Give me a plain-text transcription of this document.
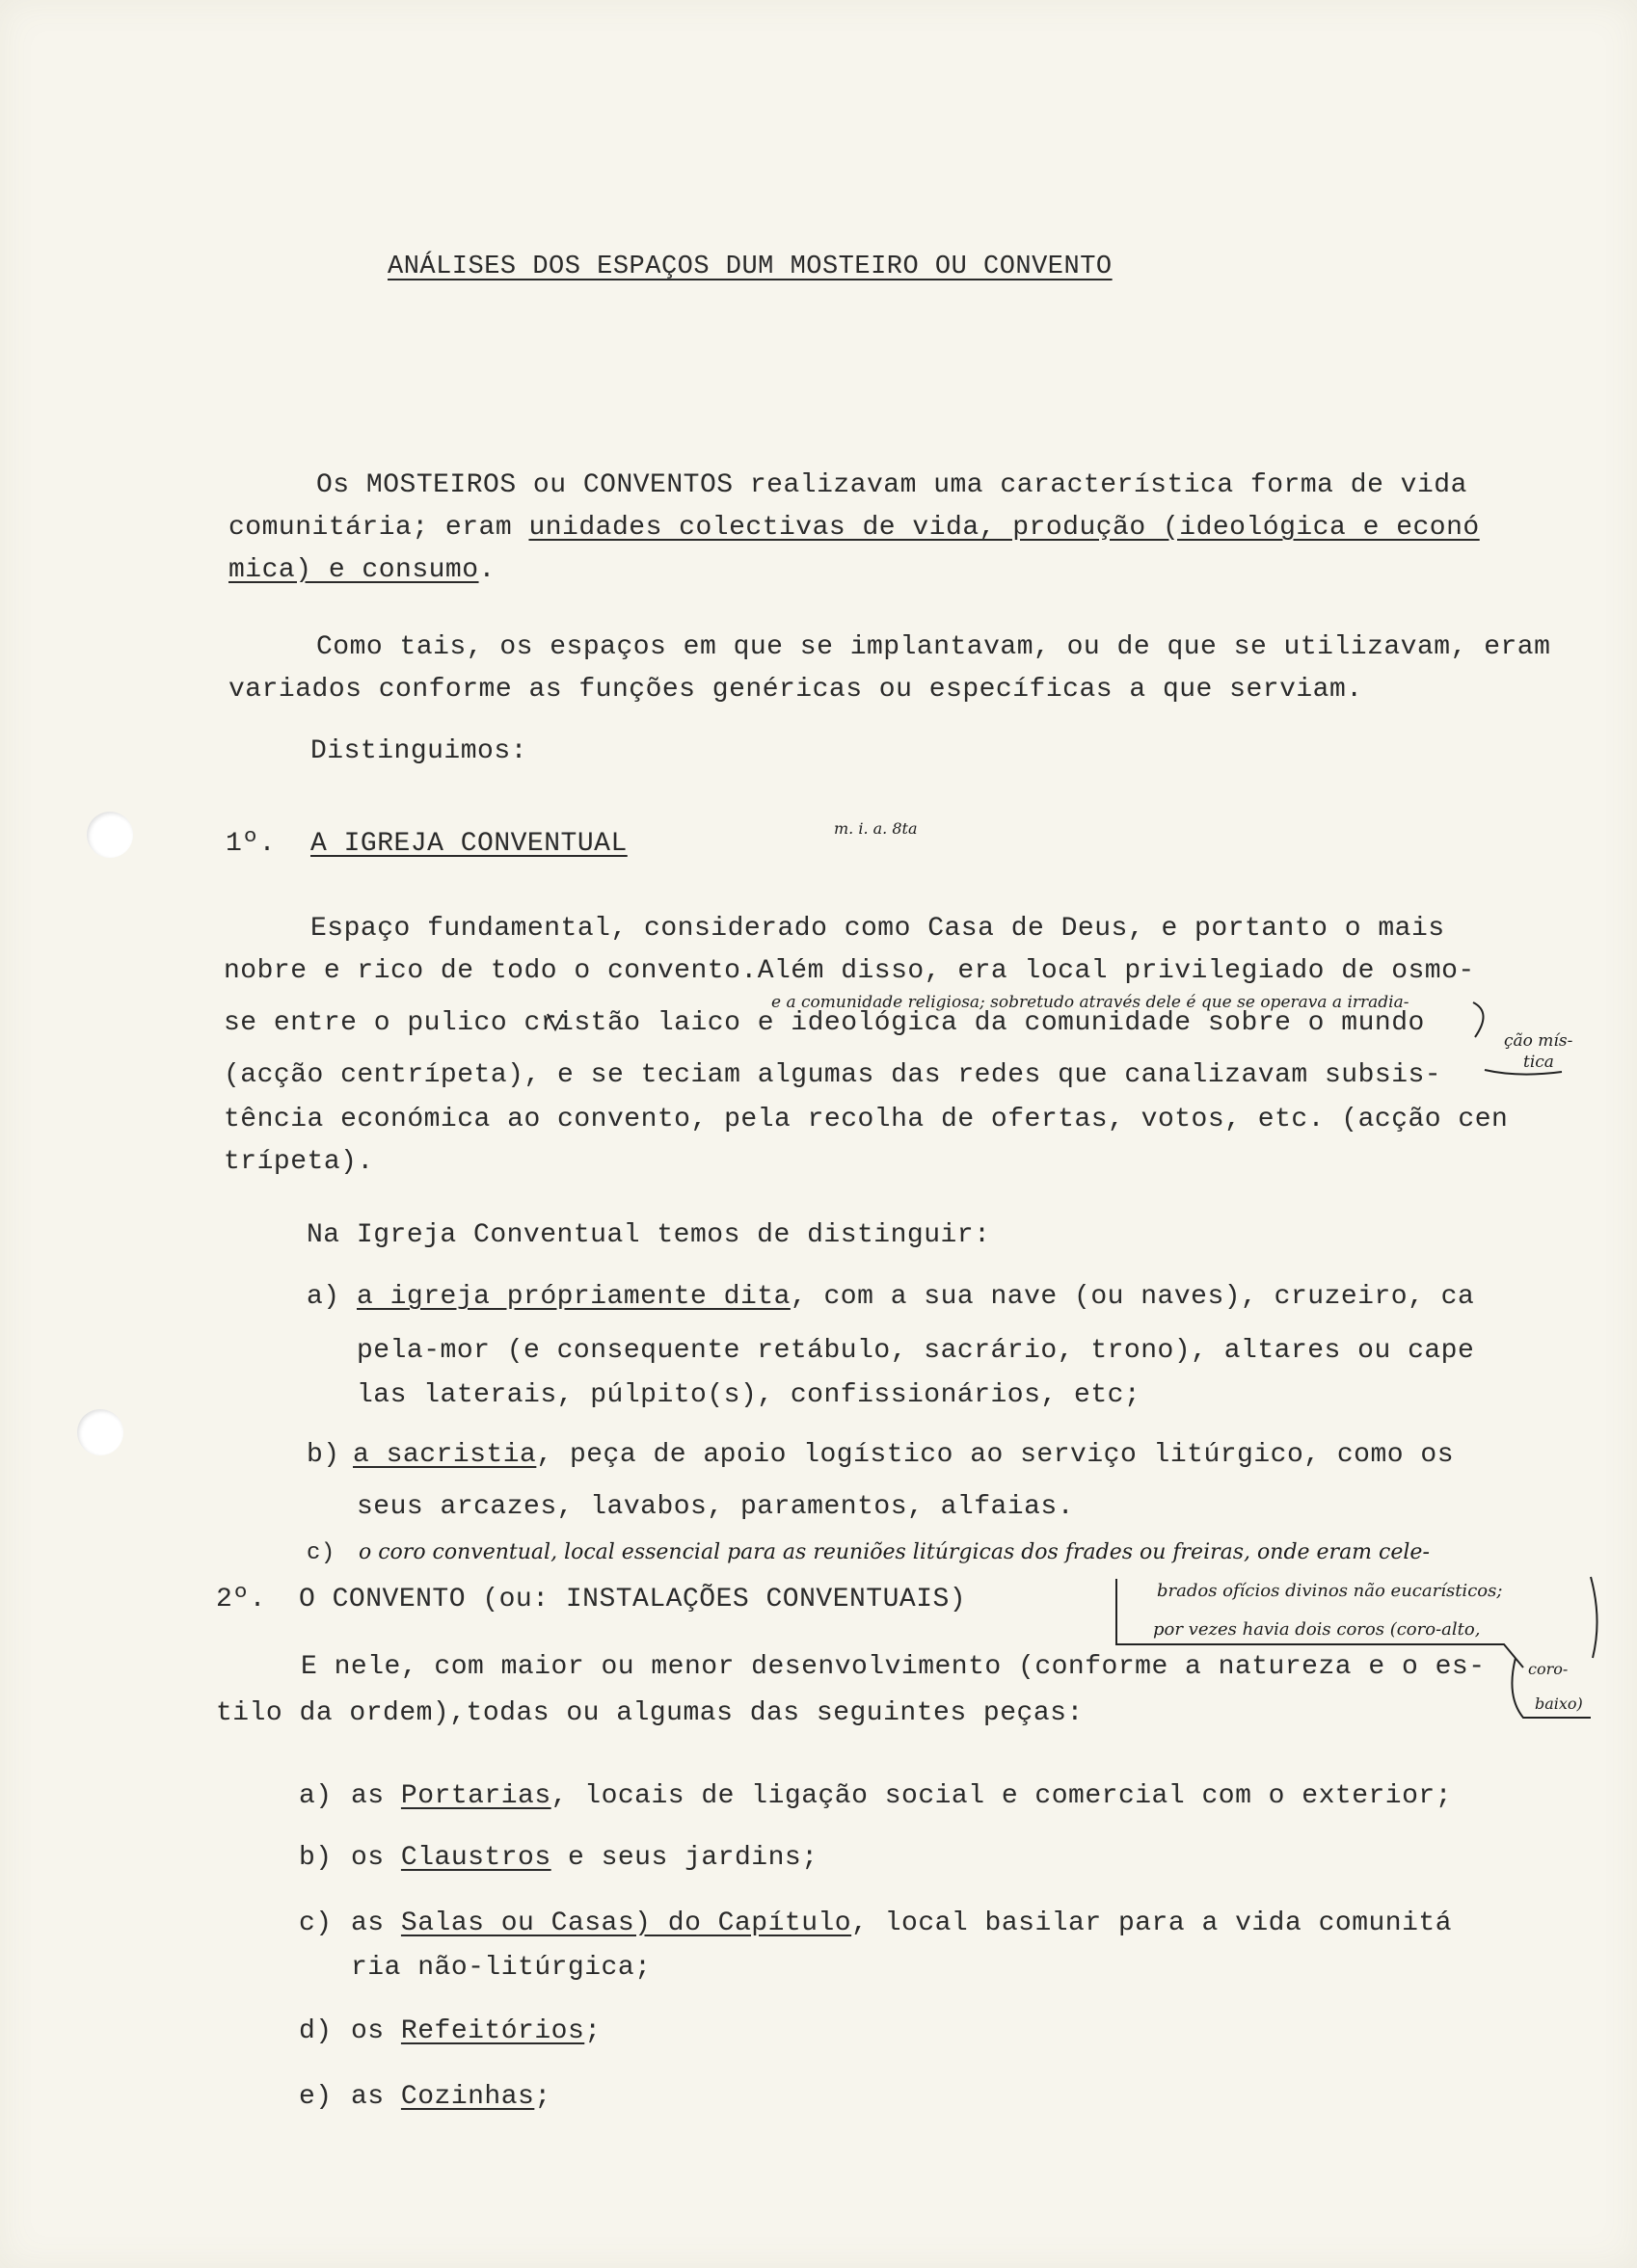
ANÁLISES DOS ESPAÇOS DUM MOSTEIRO OU CONVENTO
Os MOSTEIROS ou CONVENTOS realizavam uma característica forma de vida
comunitária; eram unidades colectivas de vida, produção (ideológica e econó
mica) e consumo.
Como tais, os espaços em que se implantavam, ou de que se utilizavam, eram
variados conforme as funções genéricas ou específicas a que serviam.
Distinguimos:
1º. A IGREJA CONVENTUAL
m. i. a. 8ta
Espaço fundamental, considerado como Casa de Deus, e portanto o mais
nobre e rico de todo o convento.Além disso, era local privilegiado de osmo-
e a comunidade religiosa; sobretudo através dele é que se operava a irradia-
se entre o pulico cristão laico e ideológica da comunidade sobre o mundo
ção mís-
tica
(acção centrípeta), e se teciam algumas das redes que canalizavam subsis-
tência económica ao convento, pela recolha de ofertas, votos, etc. (acção cen
trípeta).
Na Igreja Conventual temos de distinguir:
a) a igreja própriamente dita, com a sua nave (ou naves), cruzeiro, ca
pela-mor (e consequente retábulo, sacrário, trono), altares ou cape
las laterais, púlpito(s), confissionários, etc;
b) a sacristia, peça de apoio logístico ao serviço litúrgico, como os
seus arcazes, lavabos, paramentos, alfaias.
c) o coro conventual, local essencial para as reuniões litúrgicas dos frades ou freiras, onde eram cele-
brados ofícios divinos não eucarísticos;
por vezes havia dois coros (coro-alto,
coro-
baixo)
2º. O CONVENTO (ou: INSTALAÇÕES CONVENTUAIS)
E nele, com maior ou menor desenvolvimento (conforme a natureza e o es-
tilo da ordem),todas ou algumas das seguintes peças:
a) as Portarias, locais de ligação social e comercial com o exterior;
b) os Claustros e seus jardins;
c) as Salas ou Casas) do Capítulo, local basilar para a vida comunitá
ria não-litúrgica;
d) os Refeitórios;
e) as Cozinhas;
